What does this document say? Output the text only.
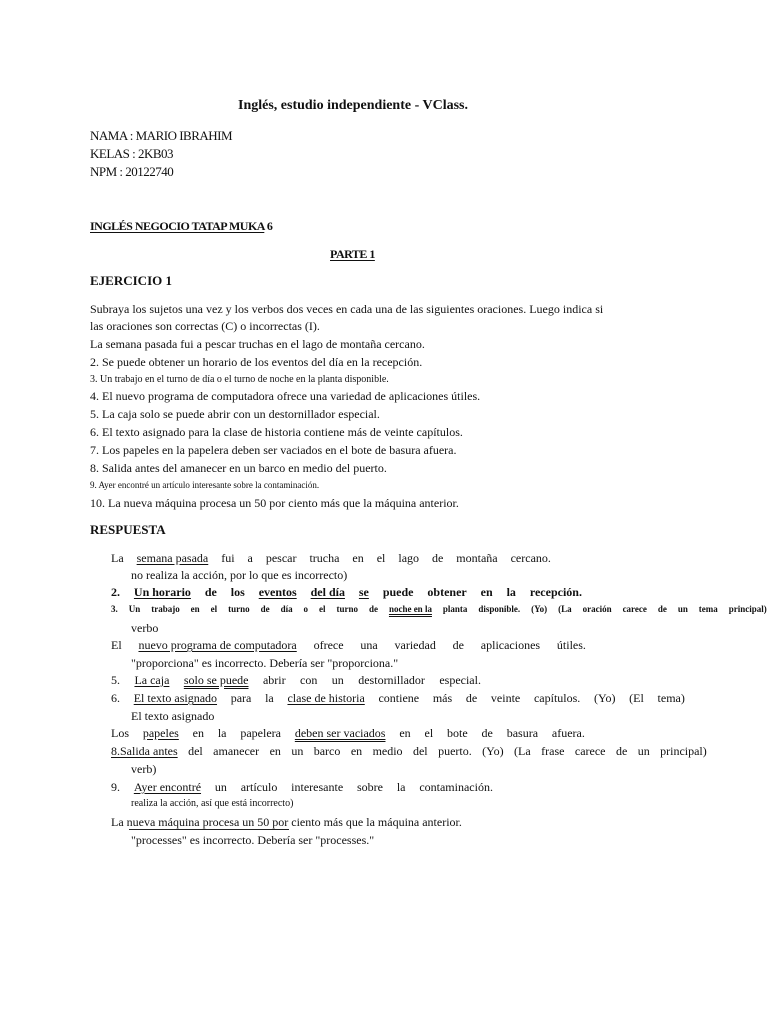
Inglés, estudio independiente - VClass.
NAMA : MARIO IBRAHIM
KELAS : 2KB03
NPM : 20122740
INGLÉS NEGOCIO TATAP MUKA 6
PARTE 1
EJERCICIO 1
Subraya los sujetos una vez y los verbos dos veces en cada una de las siguientes oraciones. Luego indica si
las oraciones son correctas (C) o incorrectas (I).
La semana pasada fui a pescar truchas en el lago de montaña cercano.
2. Se puede obtener un horario de los eventos del día en la recepción.
3. Un trabajo en el turno de día o el turno de noche en la planta disponible.
4. El nuevo programa de computadora ofrece una variedad de aplicaciones útiles.
5. La caja solo se puede abrir con un destornillador especial.
6. El texto asignado para la clase de historia contiene más de veinte capítulos.
7. Los papeles en la papelera deben ser vaciados en el bote de basura afuera.
8. Salida antes del amanecer en un barco en medio del puerto.
9. Ayer encontré un artículo interesante sobre la contaminación.
10. La nueva máquina procesa un 50 por ciento más que la máquina anterior.
RESPUESTA
La semana pasada fui a pescar trucha en el lago de montaña cercano.
no realiza la acción, por lo que es incorrecto)
2. Un horario de los eventos del día se puede obtener en la recepción.
3. Un trabajo en el turno de día o el turno de noche en la planta disponible. (Yo) (La oración carece de un tema principal)
verbo
El nuevo programa de computadora ofrece una variedad de aplicaciones útiles.
"proporciona" es incorrecto. Debería ser "proporciona."
5. La caja solo se puede abrir con un destornillador especial.
6. El texto asignado para la clase de historia contiene más de veinte capítulos. (Yo) (El tema)
El texto asignado
Los papeles en la papelera deben ser vaciados en el bote de basura afuera.
8.Salida antes del amanecer en un barco en medio del puerto. (Yo) (La frase carece de un principal)
verb)
9. Ayer encontré un artículo interesante sobre la contaminación.
realiza la acción, así que está incorrecto)
La nueva máquina procesa un 50 por ciento más que la máquina anterior.
"processes" es incorrecto. Debería ser "processes."
